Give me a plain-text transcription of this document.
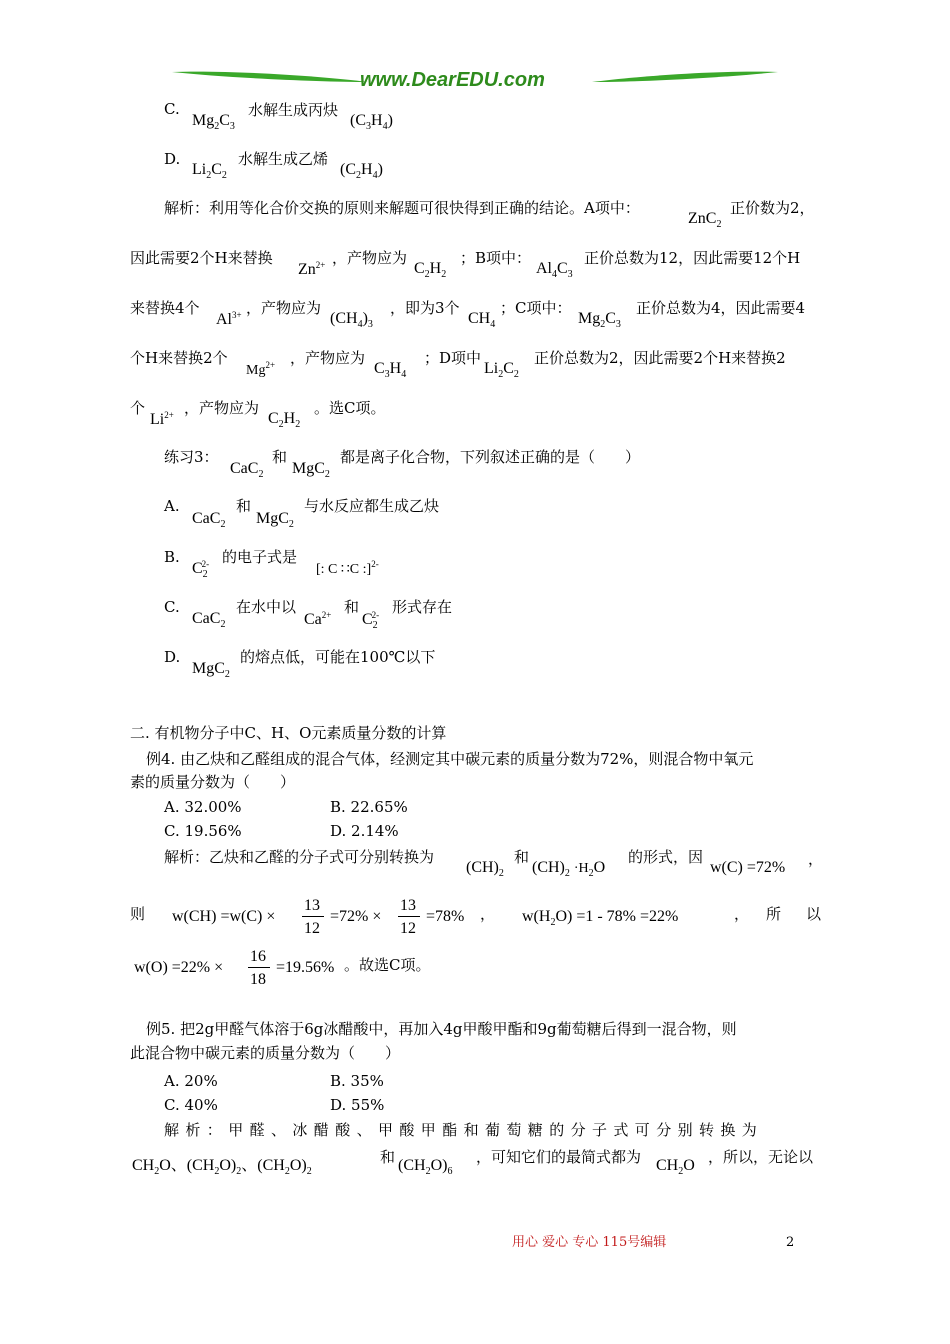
www.DearEDU.com
C.
$Mg_2C_3$
水解生成丙炔
$(C_3H_4)$
D.
$Li_2C_2$
水解生成乙烯
$(C_2H_4)$
解析：利用等化合价交换的原则来解题可很快得到正确的结论。A项中：
ZnC$_2$
正价数为2，
因此需要2个H来替换
$Zn^{2+}$ ，产物应为
$C_2H_2$
；B项中：
$Al_4C_3$
正价总数为12，因此需要12个H
来替换4个
$Al^{3+}$ ，产物应为
$(CH_4)_3$
，即为3个
$CH_4$
；C项中：
$Mg_2C_3$
正价总数为4，因此需要4
个H来替换2个
$Mg^{2+}$ ，产物应为
$C_3H_4$
；D项中
$Li_2C_2$
正价总数为2，因此需要2个H来替换2
个
$Li^{2+}$ ，产物应为
$C_2H_2$
。选C项。
练习3：
CaC$_2$
和
MgC$_2$
都是离子化合物，下列叙述正确的是（　　）
A.
CaC$_2$
和
MgC$_2$
与水反应都生成乙炔
B.
$C_2^{2-}$ 的电子式是
[: C ∷C :]$^{2-}$
C.
CaC$_2$
在水中以
$Ca^{2+}$ 和
$C_2^{2-}$ 形式存在
D.
MgC$_2$
的熔点低，可能在100℃以下
二. 有机物分子中C、H、O元素质量分数的计算
例4. 由乙炔和乙醛组成的混合气体，经测定其中碳元素的质量分数为72%，则混合物中氧元
素的质量分数为（　　）
A. 32.00%	B. 22.65%
C. 19.56%	D. 2.14%
解析：乙炔和乙醛的分子式可分别转换为
$(CH)_2$
和
$(CH)_2 \cdot H_2O$
的形式，因
w(C) =72% ，
则 w(CH) =w(C) ×
13
12
=72% ×
13
12
=78% ， $w(H_2O) =1 - 78\% =22\%$	， 所 以
w(O) =22% ×
16
18
=19.56% 。故选C项。
例5. 把2g甲醛气体溶于6g冰醋酸中，再加入4g甲酸甲酯和9g葡萄糖后得到一混合物，则
此混合物中碳元素的质量分数为（　　）
A. 20%	B. 35%
C. 40%	D. 55%
解析：甲醛、冰醋酸、甲酸甲酯和葡萄糖的分子式可分别转换为
$CH_2O$、$(CH_2O)_2$、$(CH_2O)_2$
和 $(CH_2O)_6$
，可知它们的最简式都为 $CH_2O$ ，所以，无论以
用心 爱心 专心 115号编辑	2
